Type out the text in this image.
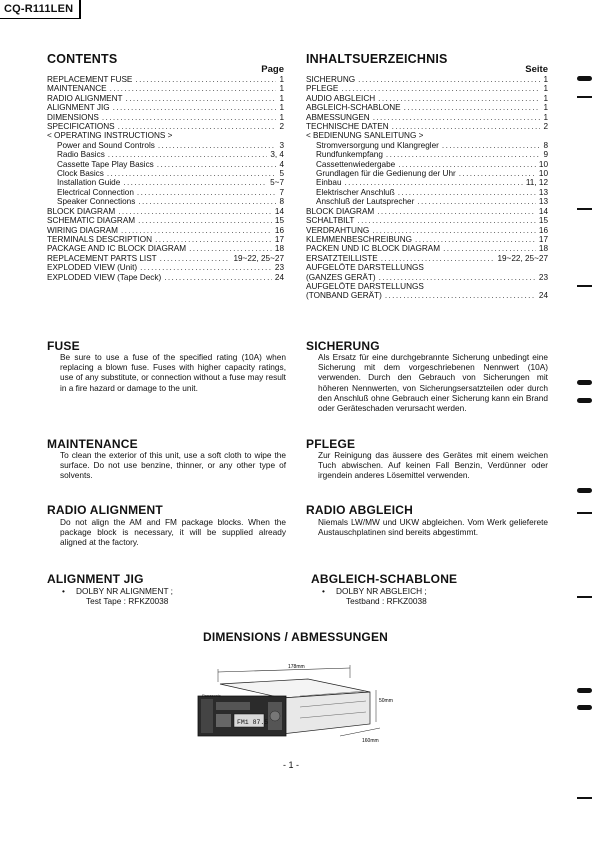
CQ-R111LEN
CONTENTS
Page
REPLACEMENT FUSE .....	1
MAINTENANCE .....	1
RADIO ALIGNMENT .....	1
ALIGNMENT JIG .....	1
DIMENSIONS .....	1
SPECIFICATIONS .....	2
< OPERATING INSTRUCTIONS >
Power and Sound Controls .....	3
Radio Basics .....	3, 4
Cassette Tape Play Basics .....	4
Clock Basics .....	5
Installation Guide .....	5~7
Electrical Connection .....	7
Speaker Connections .....	8
BLOCK DIAGRAM .....	14
SCHEMATIC DIAGRAM .....	15
WIRING DIAGRAM .....	16
TERMINALS DESCRIPTION .....	17
PACKAGE AND IC BLOCK DIAGRAM .....	18
REPLACEMENT PARTS LIST .....	19~22, 25~27
EXPLODED VIEW (Unit) .....	23
EXPLODED VIEW (Tape Deck) .....	24
INHALTSUERZEICHNIS
Seite
SICHERUNG .....	1
PFLEGE .....	1
AUDIO ABGLEICH .....	1
ABGLEICH-SCHABLONE .....	1
ABMESSUNGEN .....	1
TECHNISCHE DATEN .....	2
< BEDIENUNG SANLEITUNG >
Stromversorgung und Klangregler .....	8
Rundfunkempfang .....	9
Cassettenwiedergabe .....	10
Grundlagen für die Gedienung der Uhr .....	10
Einbau .....	11, 12
Elektrischer Anschluß .....	13
Anschluß der Lautsprecher .....	13
BLOCK DIAGRAM .....	14
SCHALTBILT .....	15
VERDRAHTUNG .....	16
KLEMMENBESCHREIBUNG .....	17
PACKEN UND IC BLOCK DIAGRAM .....	18
ERSATZTEILLISTE .....	19~22, 25~27
AUFGELÖTE DARSTELLUNGS
(GANZES GERÄT) .....	23
AUFGELÖTE DARSTELLUNGS
(TONBAND GERÄT) .....	24
FUSE
Be sure to use a fuse of the specified rating (10A) when replacing a blown fuse. Fuses with higher capacity ratings, use of any substitute, or connection without a fuse may result in a fire hazard or damage to the unit.
SICHERUNG
Als Ersatz für eine durchgebrannte Sicherung unbedingt eine Sicherung mit dem vorgeschriebenen Nennwert (10A) verwenden. Durch den Gebrauch von Sicherungen mit höheren Nennwerten, von Sicherungsersatzteilen oder durch den Anschluß ohne Gebrauch einer Sicherung kann ein Brand oder Geräteschaden verursacht werden.
MAINTENANCE
To clean the exterior of this unit, use a soft cloth to wipe the surface. Do not use benzine, thinner, or any other type of solvents.
PFLEGE
Zur Reinigung das äussere des Gerätes mit einem weichen Tuch abwischen. Auf keinen Fall Benzin, Verdünner oder irgendein anderes Lösemittel verwenden.
RADIO ALIGNMENT
Do not align the AM and FM package blocks. When the package block is necessary, it will be supplied already aligned at the factory.
RADIO ABGLEICH
Niemals LW/MW und UKW abgleichen. Vom Werk gelieferete Austauschplatinen sind bereits abgestimmt.
ALIGNMENT JIG
• DOLBY NR ALIGNMENT ;
Test Tape : RFKZ0038
ABGLEICH-SCHABLONE
• DOLBY NR ABGLEICH ;
Testband : RFKZ0038
DIMENSIONS / ABMESSUNGEN
178mm
FM1 87.5
Panasonic
50mm
160mm
- 1 -
